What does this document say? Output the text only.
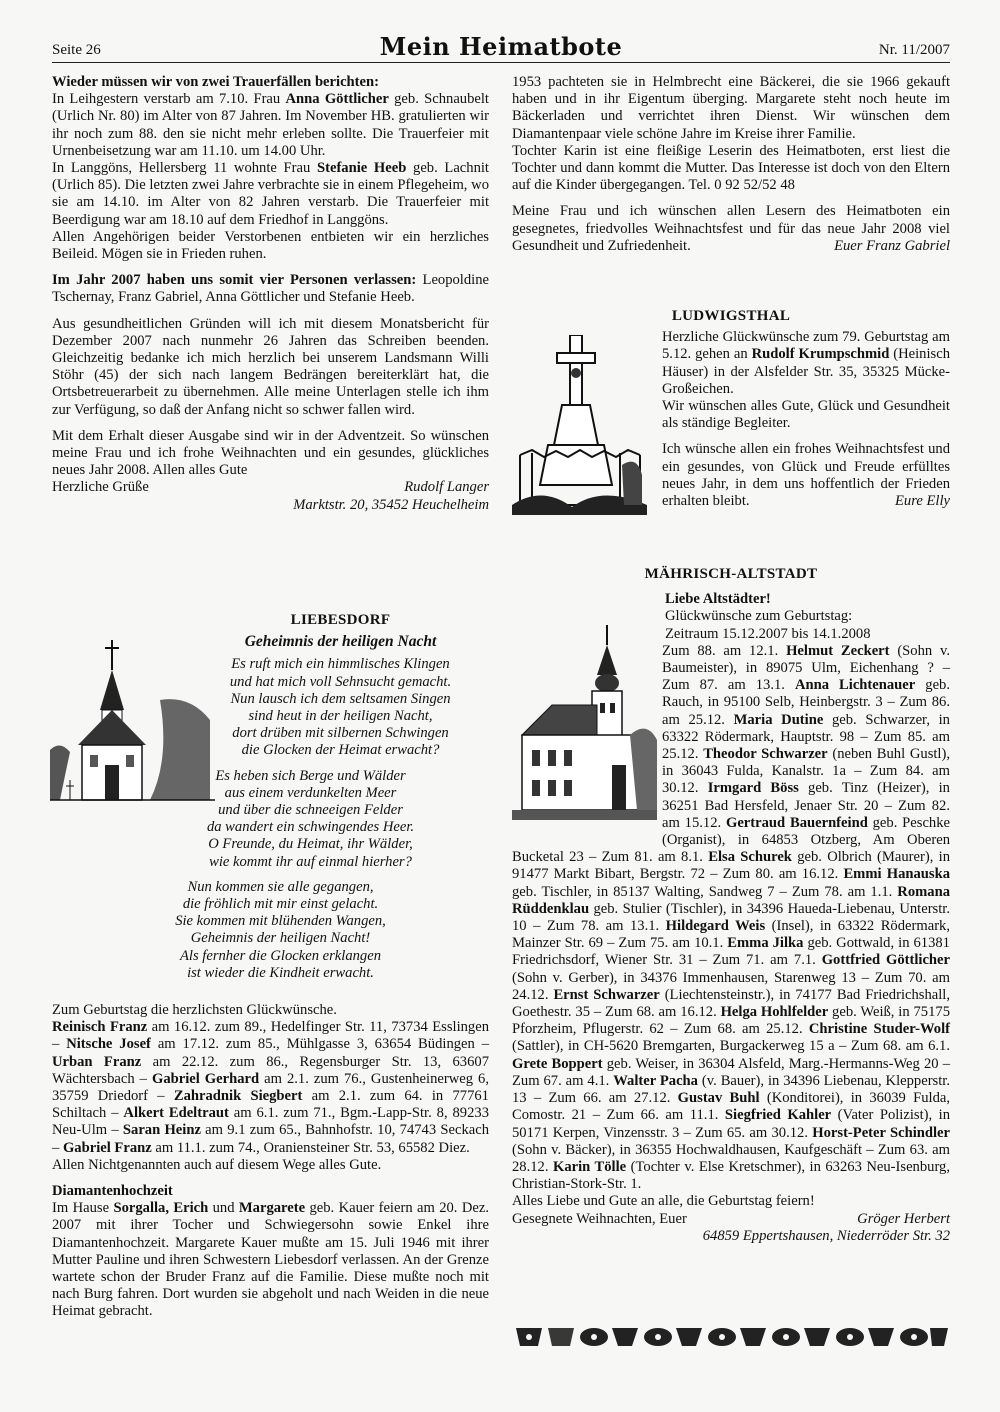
Seite 26	Mein Heimatbote	Nr. 11/2007

Wieder müssen wir von zwei Trauerfällen berichten:
In Leihgestern verstarb am 7.10. Frau Anna Göttlicher geb. Schnaubelt (Urlich Nr. 80) im Alter von 87 Jahren. Im November HB. gratulierten wir ihr noch zum 88. den sie nicht mehr erleben sollte. Die Trauerfeier mit Urnenbeisetzung war am 11.10. um 14.00 Uhr.
In Langgöns, Hellersberg 11 wohnte Frau Stefanie Heeb geb. Lachnit (Urlich 85). Die letzten zwei Jahre verbrachte sie in einem Pflegeheim, wo sie am 14.10. im Alter von 82 Jahren verstarb. Die Trauerfeier mit Beerdigung war am 18.10 auf dem Friedhof in Langgöns.
Allen Angehörigen beider Verstorbenen entbieten wir ein herzliches Beileid. Mögen sie in Frieden ruhen.

Im Jahr 2007 haben uns somit vier Personen verlassen: Leopoldine Tschernay, Franz Gabriel, Anna Göttlicher und Stefanie Heeb.

Aus gesundheitlichen Gründen will ich mit diesem Monatsbericht für Dezember 2007 nach nunmehr 26 Jahren das Schreiben beenden. Gleichzeitig bedanke ich mich herzlich bei unserem Landsmann Willi Stöhr (45) der sich nach langem Bedrängen bereiterklärt hat, die Ortsbetreuerarbeit zu übernehmen. Alle meine Unterlagen stelle ich ihm zur Verfügung, so daß der Anfang nicht so schwer fallen wird.

Mit dem Erhalt dieser Ausgabe sind wir in der Adventzeit. So wünschen meine Frau und ich frohe Weihnachten und ein gesundes, glückliches neues Jahr 2008. Allen alles Gute

Herzliche Grüße	Rudolf Langer
Marktstr. 20, 35452 Heuchelheim
LIEBESDORF
Geheimnis der heiligen Nacht
Es ruft mich ein himmlisches Klingen
und hat mich voll Sehnsucht gemacht.
Nun lausch ich dem seltsamen Singen
sind heut in der heiligen Nacht,
dort drüben mit silbernen Schwingen
die Glocken der Heimat erwacht?
Es heben sich Berge und Wälder
aus einem verdunkelten Meer
und über die schneeigen Felder
da wandert ein schwingendes Heer.
O Freunde, du Heimat, ihr Wälder,
wie kommt ihr auf einmal hierher?
Nun kommen sie alle gegangen,
die fröhlich mit mir einst gelacht.
Sie kommen mit blühenden Wangen,
Geheimnis der heiligen Nacht!
Als fernher die Glocken erklangen
ist wieder die Kindheit erwacht.

Zum Geburtstag die herzlichsten Glückwünsche.

Reinisch Franz am 16.12. zum 89., Hedelfinger Str. 11, 73734 Esslingen – Nitsche Josef am 17.12. zum 85., Mühlgasse 3, 63654 Büdingen – Urban Franz am 22.12. zum 86., Regensburger Str. 13, 63607 Wächtersbach – Gabriel Gerhard am 2.1. zum 76., Gustenheinerweg 6, 35759 Driedorf – Zahradnik Siegbert am 2.1. zum 64. in 77761 Schiltach – Alkert Edeltraut am 6.1. zum 71., Bgm.-Lapp-Str. 8, 89233 Neu-Ulm – Saran Heinz am 9.1 zum 65., Bahnhofstr. 10, 74743 Seckach – Gabriel Franz am 11.1. zum 74., Oraniensteiner Str. 53, 65582 Diez.

Allen Nichtgenannten auch auf diesem Wege alles Gute.

Diamantenhochzeit
Im Hause Sorgalla, Erich und Margarete geb. Kauer feiern am 20. Dez. 2007 mit ihrer Tocher und Schwiegersohn sowie Enkel ihre Diamantenhochzeit. Margarete Kauer mußte am 15. Juli 1946 mit ihrer Mutter Pauline und ihren Schwestern Liebesdorf verlassen. An der Grenze wartete schon der Bruder Franz auf die Familie. Diese mußte noch mit nach Burg fahren. Dort wurden sie abgeholt und nach Weiden in die neue Heimat gebracht.

1953 pachteten sie in Helmbrecht eine Bäckerei, die sie 1966 gekauft haben und in ihr Eigentum überging. Margarete steht noch heute im Bäckerladen und verrichtet ihren Dienst. Wir wünschen dem Diamantenpaar viele schöne Jahre im Kreise ihrer Familie.

Tochter Karin ist eine fleißige Leserin des Heimatboten, erst liest die Tochter und dann kommt die Mutter. Das Interesse ist doch von den Eltern auf die Kinder übergegangen. Tel. 0 92 52/52 48

Meine Frau und ich wünschen allen Lesern des Heimatboten ein gesegnetes, friedvolles Weihnachtsfest und für das neue Jahr 2008 viel Gesundheit und Zufriedenheit.	Euer Franz Gabriel

LUDWIGSTHAL

Herzliche Glückwünsche zum 79. Geburtstag am 5.12. gehen an Rudolf Krumpschmid (Heinisch Häuser) in der Alsfelder Str. 35, 35325 Mücke-Großeichen.

Wir wünschen alles Gute, Glück und Gesundheit als ständige Begleiter.

Ich wünsche allen ein frohes Weihnachtsfest und ein gesundes, von Glück und Freude erfülltes neues Jahr, in dem uns hoffentlich der Frieden erhalten bleibt.	Eure Elly

MÄHRISCH-ALTSTADT
Liebe Altstädter!
Glückwünsche zum Geburtstag:
Zeitraum 15.12.2007 bis 14.1.2008

Zum 88. am 12.1. Helmut Zeckert (Sohn v. Baumeister), in 89075 Ulm, Eichenhang ? – Zum 87. am 13.1. Anna Lichtenauer geb. Rauch, in 95100 Selb, Heinbergstr. 3 – Zum 86. am 25.12. Maria Dutine geb. Schwarzer, in 63322 Rödermark, Hauptstr. 98 – Zum 85. am 25.12. Theodor Schwarzer (neben Buhl Gustl), in 36043 Fulda, Kanalstr. 1a – Zum 84. am 30.12. Irmgard Böss geb. Tinz (Heizer), in 36251 Bad Hersfeld, Jenaer Str. 20 – Zum 82. am 15.12. Gertraud Bauernfeind geb. Peschke (Organist), in 64853 Otzberg, Am Oberen Bucketal 23 – Zum 81. am 8.1. Elsa Schurek geb. Olbrich (Maurer), in 91477 Markt Bibart, Bergstr. 72 – Zum 80. am 16.12. Emmi Hanauska geb. Tischler, in 85137 Walting, Sandweg 7 – Zum 78. am 1.1. Romana Rüddenklau geb. Stulier (Tischler), in 34396 Haueda-Liebenau, Unterstr. 10 – Zum 78. am 13.1. Hildegard Weis (Insel), in 63322 Rödermark, Mainzer Str. 69 – Zum 75. am 10.1. Emma Jilka geb. Gottwald, in 61381 Friedrichsdorf, Wiener Str. 31 – Zum 71. am 7.1. Gottfried Göttlicher (Sohn v. Gerber), in 34376 Immenhausen, Starenweg 13 – Zum 70. am 24.12. Ernst Schwarzer (Liechtensteinstr.), in 74177 Bad Friedrichshall, Goethestr. 35 – Zum 68. am 16.12. Helga Hohlfelder geb. Weiß, in 75175 Pforzheim, Pflugerstr. 62 – Zum 68. am 25.12. Christine Studer-Wolf (Sattler), in CH-5620 Bremgarten, Burgackerweg 15 a – Zum 68. am 6.1. Grete Boppert geb. Weiser, in 36304 Alsfeld, Marg.-Hermanns-Weg 20 – Zum 67. am 4.1. Walter Pacha (v. Bauer), in 34396 Liebenau, Klepperstr. 13 – Zum 66. am 27.12. Gustav Buhl (Konditorei), in 36039 Fulda, Comostr. 21 – Zum 66. am 11.1. Siegfried Kahler (Vater Polizist), in 50171 Kerpen, Vinzensstr. 3 – Zum 65. am 30.12. Horst-Peter Schindler (Sohn v. Bäcker), in 36355 Hochwaldhausen, Kaufgeschäft – Zum 63. am 28.12. Karin Tölle (Tochter v. Else Kretschmer), in 63263 Neu-Isenburg, Christian-Stork-Str. 1.

Alles Liebe und Gute an alle, die Geburtstag feiern!
Gesegnete Weihnachten, Euer	Gröger Herbert
64859 Eppertshausen, Niederröder Str. 32
